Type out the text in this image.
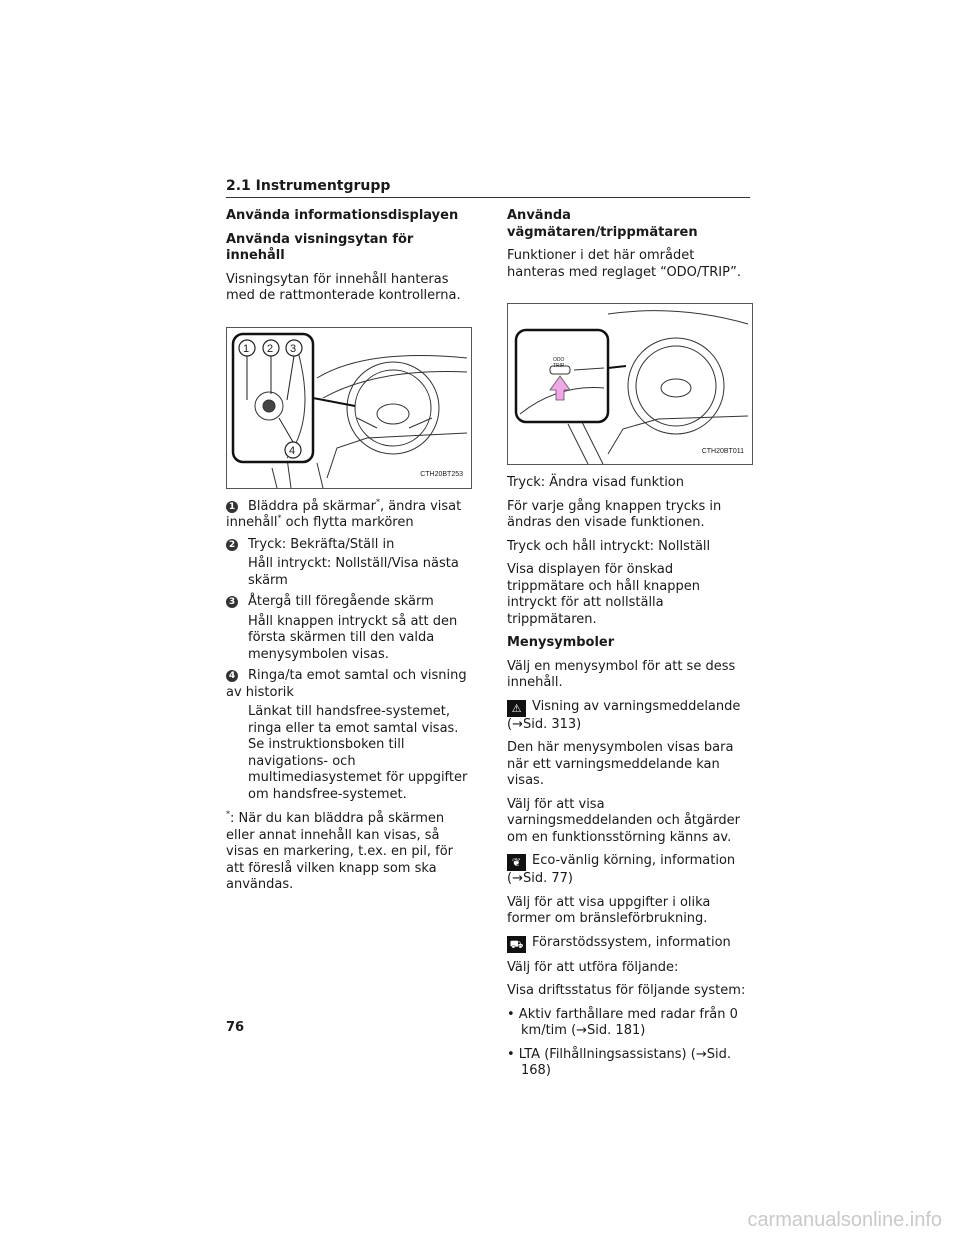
2.1 Instrumentgrupp

Använda informationsdisplayen

Använda visningsytan för innehåll

Visningsytan för innehåll hanteras med de rattmonterade kontrollerna.

1 2 3
4
CTH20BT253
1 Bläddra på skärmar*, ändra visat innehåll* och flytta markören
2 Tryck: Bekräfta/Ställ in
Håll intryckt: Nollställ/Visa nästa skärm
3 Återgå till föregående skärm
Håll knappen intryckt så att den första skärmen till den valda menysymbolen visas.
4 Ringa/ta emot samtal och visning av historik
Länkat till handsfree-systemet, ringa eller ta emot samtal visas. Se instruktionsboken till navigations- och multimediasystemet för uppgifter om handsfree-systemet.

*: När du kan bläddra på skärmen eller annat innehåll kan visas, så visas en markering, t.ex. en pil, för att föreslå vilken knapp som ska användas.

Använda vägmätaren/trippmätaren

Funktioner i det här området hanteras med reglaget “ODO/TRIP”.

ODO
TRIP
CTH20BT011

Tryck: Ändra visad funktion

För varje gång knappen trycks in ändras den visade funktionen.

Tryck och håll intryckt: Nollställ

Visa displayen för önskad trippmätare och håll knappen intryckt för att nollställa trippmätaren.

Menysymboler

Välj en menysymbol för att se dess innehåll.

⚠ Visning av varningsmeddelande (→Sid. 313)

Den här menysymbolen visas bara när ett varningsmeddelande kan visas.

Välj för att visa varningsmeddelanden och åtgärder om en funktionsstörning känns av.

❦ Eco-vänlig körning, information (→Sid. 77)

Välj för att visa uppgifter i olika former om bränsleförbrukning.

⛟ Förarstödssystem, information

Välj för att utföra följande:

Visa driftsstatus för följande system:

• Aktiv farthållare med radar från 0 km/tim (→Sid. 181)

• LTA (Filhållningsassistans) (→Sid. 168)

76
carmanualsonline.info
